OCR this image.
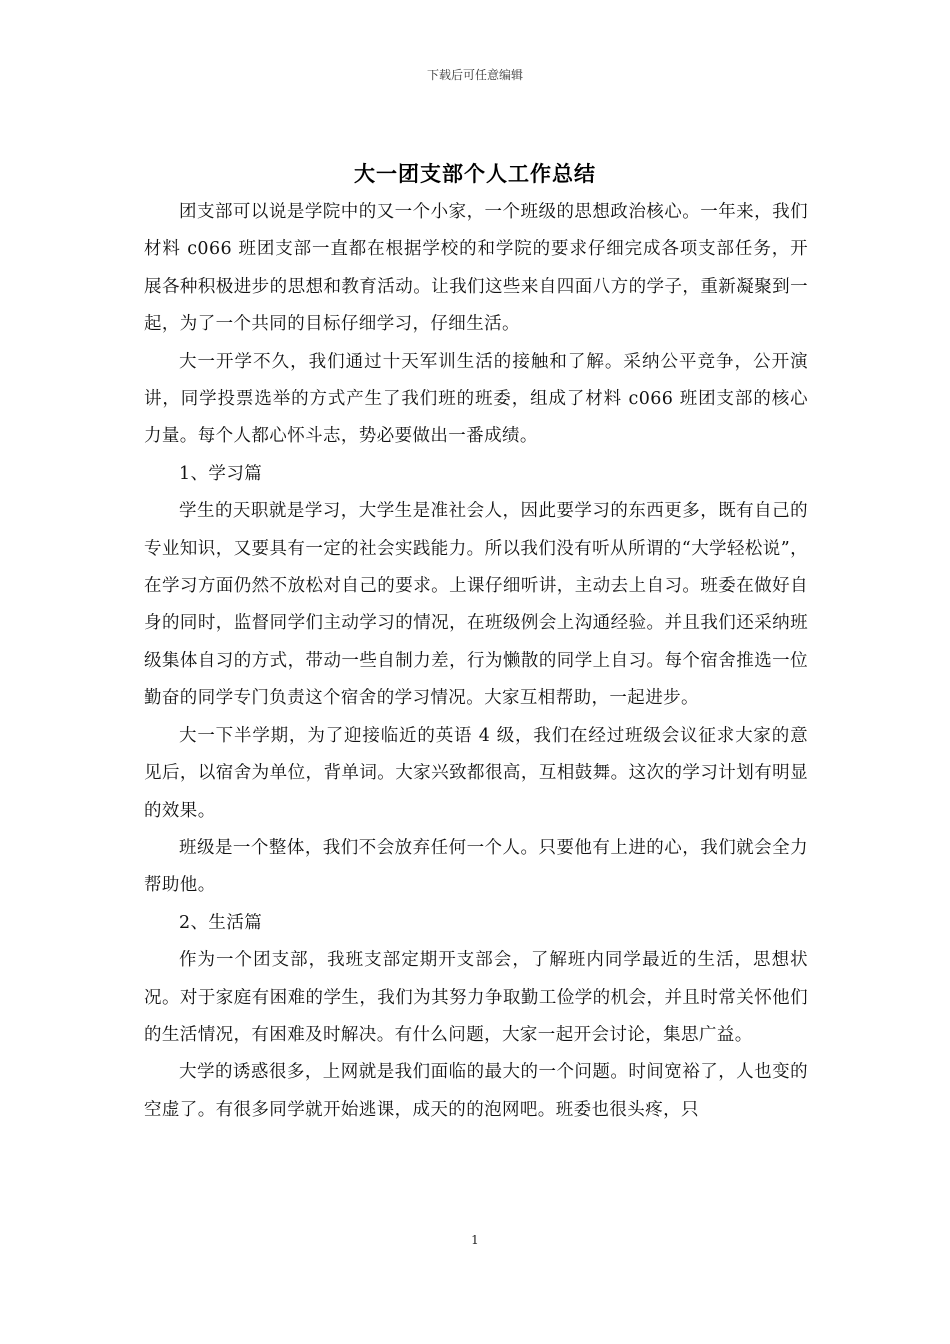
下载后可任意编辑
大一团支部个人工作总结

团支部可以说是学院中的又一个小家，一个班级的思想政治核心。一年来，我们材料 c066 班团支部一直都在根据学校的和学院的要求仔细完成各项支部任务，开展各种积极进步的思想和教育活动。让我们这些来自四面八方的学子，重新凝聚到一起，为了一个共同的目标仔细学习，仔细生活。

大一开学不久，我们通过十天军训生活的接触和了解。采纳公平竞争，公开演讲，同学投票选举的方式产生了我们班的班委，组成了材料 c066 班团支部的核心力量。每个人都心怀斗志，势必要做出一番成绩。

1、学习篇

学生的天职就是学习，大学生是准社会人，因此要学习的东西更多，既有自己的专业知识，又要具有一定的社会实践能力。所以我们没有听从所谓的“大学轻松说”，在学习方面仍然不放松对自己的要求。上课仔细听讲，主动去上自习。班委在做好自身的同时，监督同学们主动学习的情况，在班级例会上沟通经验。并且我们还采纳班级集体自习的方式，带动一些自制力差，行为懒散的同学上自习。每个宿舍推选一位勤奋的同学专门负责这个宿舍的学习情况。大家互相帮助，一起进步。

大一下半学期，为了迎接临近的英语 4 级，我们在经过班级会议征求大家的意见后，以宿舍为单位，背单词。大家兴致都很高，互相鼓舞。这次的学习计划有明显的效果。

班级是一个整体，我们不会放弃任何一个人。只要他有上进的心，我们就会全力帮助他。

2、生活篇

作为一个团支部，我班支部定期开支部会，了解班内同学最近的生活，思想状况。对于家庭有困难的学生，我们为其努力争取勤工俭学的机会，并且时常关怀他们的生活情况，有困难及时解决。有什么问题，大家一起开会讨论，集思广益。

大学的诱惑很多，上网就是我们面临的最大的一个问题。时间宽裕了，人也变的空虚了。有很多同学就开始逃课，成天的的泡网吧。班委也很头疼，只

1
